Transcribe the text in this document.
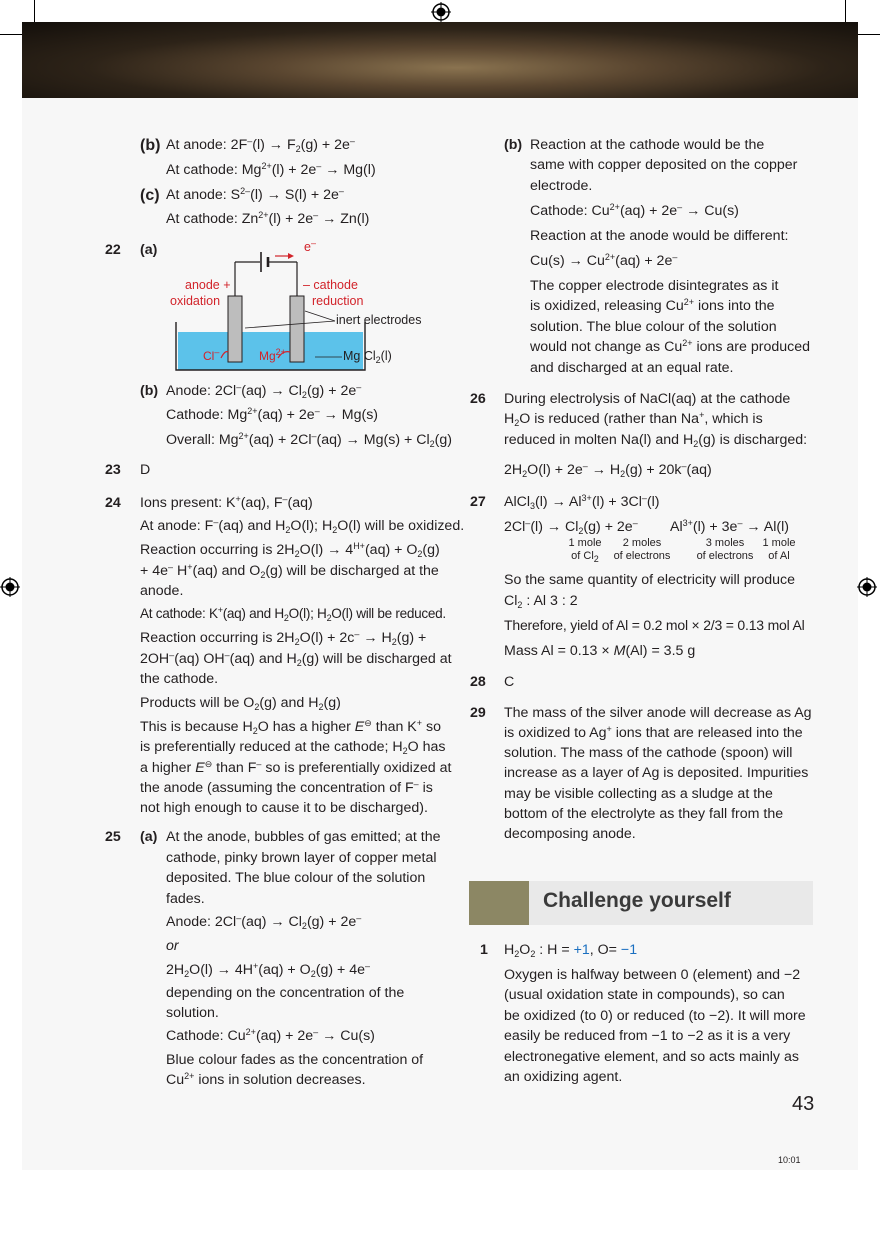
(b) At anode: $2F^-(l) \to F_2(g) + 2e^-$
At cathode: $Mg^{2+}(l) + 2e^- \to Mg(l)$
(c) At anode: $S^{2-}(l) \to S(l) + 2e^-$
At cathode: $Zn^{2+}(l) + 2e^- \to Zn(l)$
22 (a)	e–
anode +
oxidation
– cathode
reduction
inert electrodes
Cl–	$Mg^{2+}$	Mg $Cl_2(l)$
(b) Anode: $2Cl^-(aq) \to Cl_2(g) + 2e^-$
Cathode: $Mg^{2+}(aq) + 2e^- \to Mg(s)$
Overall: $Mg^{2+}(aq) + 2Cl^-(aq) \to Mg(s) + Cl_2(g)$
23 D
24 Ions present: K+(aq), F–(aq)
At anode: F–(aq) and $H_2O(l)$; $H_2O(l)$ will be oxidized.
Reaction occurring is $2H_2O(l) \to 4^{H+}(aq) + O_2(g)$
+ 4e– H+(aq) and $O_2(g)$ will be discharged at the
anode.
At cathode: K+(aq) and $H_2O(l)$; $H_2O(l)$ will be reduced.
Reaction occurring is $2H_2O(l) + 2c^- \to H_2(g)$ +
2OH–(aq) OH–(aq) and $H_2(g)$ will be discharged at
the cathode.
Products will be $O_2(g)$ and $H_2(g)$
This is because $H_2O$ has a higher E⊖ than K+ so
is preferentially reduced at the cathode; $H_2O$ has
a higher E⊖ than F– so is preferentially oxidized at
the anode (assuming the concentration of F– is
not high enough to cause it to be discharged).
25 (a) At the anode, bubbles of gas emitted; at the
cathode, pinky brown layer of copper metal
deposited. The blue colour of the solution
fades.
Anode: $2Cl^-(aq) \to Cl_2(g) + 2e^-$
or
$2H_2O(l) \to 4H^+(aq) + O_2(g) + 4e^-$
depending on the concentration of the
solution.
Cathode: $Cu^{2+}(aq) + 2e^- \to Cu(s)$
Blue colour fades as the concentration of
$Cu^{2+}$ ions in solution decreases.
(b) Reaction at the cathode would be the
same with copper deposited on the copper
electrode.
Cathode: $Cu^{2+}(aq) + 2e^- \to Cu(s)$
Reaction at the anode would be different:
$Cu(s) \to Cu^{2+}(aq) + 2e^-$
The copper electrode disintegrates as it
is oxidized, releasing $Cu^{2+}$ ions into the
solution. The blue colour of the solution
would not change as $Cu^{2+}$ ions are produced
and discharged at an equal rate.
26 During electrolysis of NaCl(aq) at the cathode
$H_2O$ is reduced (rather than Na+, which is
reduced in molten Na(l) and $H_2(g)$ is discharged:
$2H_2O(l) + 2e^- \to H_2(g) + 20k^-(aq)$
27 AlCl$_3$(l) → $Al^{3+}(l) + 3Cl^-(l)$
$2Cl^-(l) \to Cl_2(g) + 2e^-$ $Al^{3+}(l) + 3e^- \to Al(l)$
1 mole
of $Cl_2$
2 moles
of electrons
3 moles
of electrons
1 mole
of Al
So the same quantity of electricity will produce
$Cl_2$ : Al 3 : 2
Therefore, yield of Al = 0.2 mol × 2/3 = 0.13 mol Al
Mass Al = 0.13 × M(Al) = 3.5 g
28 C
29 The mass of the silver anode will decrease as Ag
is oxidized to Ag+ ions that are released into the
solution. The mass of the cathode (spoon) will
increase as a layer of Ag is deposited. Impurities
may be visible collecting as a sludge at the
bottom of the electrolyte as they fall from the
decomposing anode.
Challenge yourself
1 $H_2O_2$ : H = +1, O= −1
Oxygen is halfway between 0 (element) and −2
(usual oxidation state in compounds), so can
be oxidized (to 0) or reduced (to −2). It will more
easily be reduced from −1 to −2 as it is a very
electronegative element, and so acts mainly as
an oxidizing agent.
43
10:01
